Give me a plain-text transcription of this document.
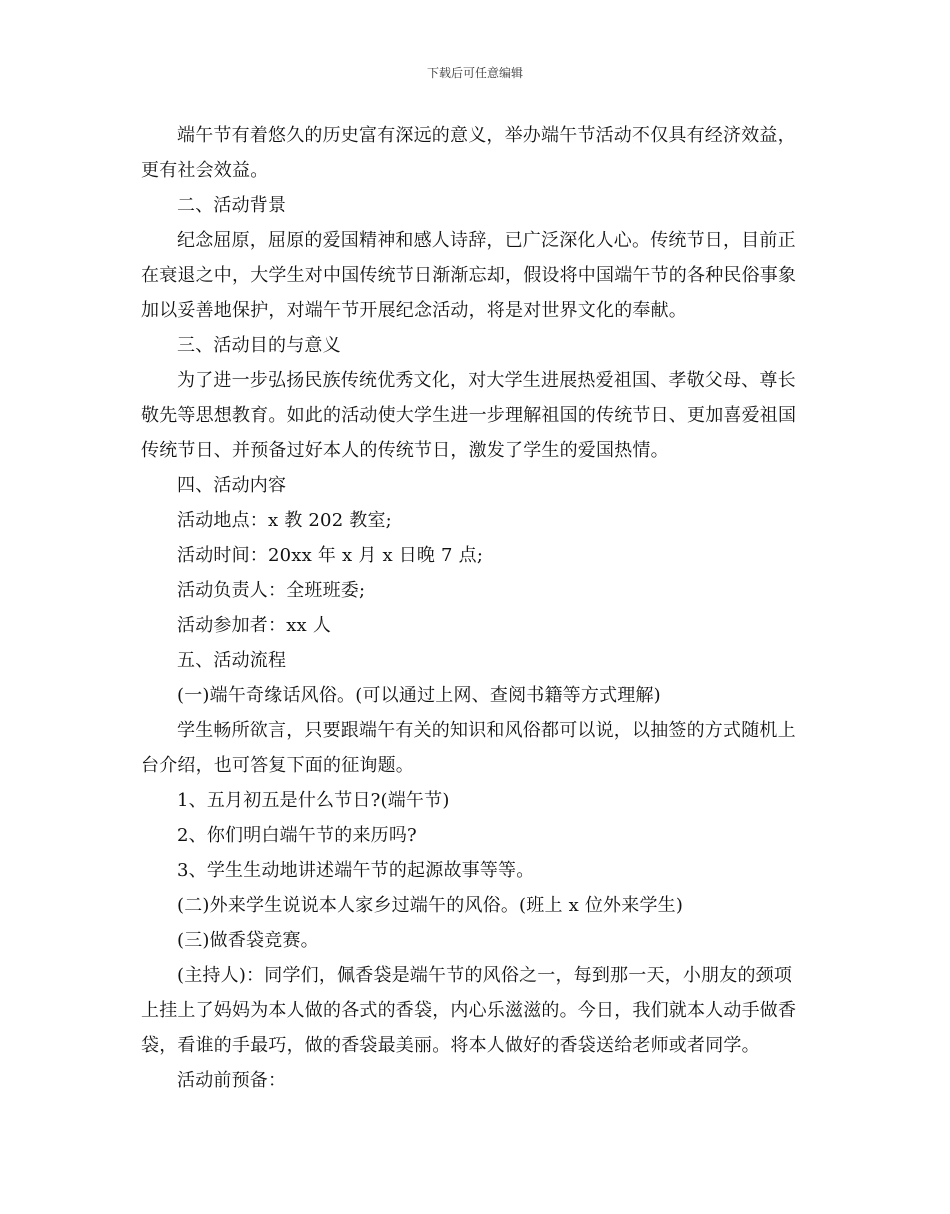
下载后可任意编辑
端午节有着悠久的历史富有深远的意义，举办端午节活动不仅具有经济效益，
更有社会效益。
二、活动背景
纪念屈原，屈原的爱国精神和感人诗辞，已广泛深化人心。传统节日，目前正
在衰退之中，大学生对中国传统节日渐渐忘却，假设将中国端午节的各种民俗事象
加以妥善地保护，对端午节开展纪念活动，将是对世界文化的奉献。
三、活动目的与意义
为了进一步弘扬民族传统优秀文化，对大学生进展热爱祖国、孝敬父母、尊长
敬先等思想教育。如此的活动使大学生进一步理解祖国的传统节日、更加喜爱祖国
传统节日、并预备过好本人的传统节日，激发了学生的爱国热情。
四、活动内容
活动地点：x 教 202 教室;
活动时间：20xx 年 x 月 x 日晚 7 点;
活动负责人：全班班委;
活动参加者：xx 人
五、活动流程
(一)端午奇缘话风俗。(可以通过上网、查阅书籍等方式理解)
学生畅所欲言，只要跟端午有关的知识和风俗都可以说，以抽签的方式随机上
台介绍，也可答复下面的征询题。
1、五月初五是什么节日?(端午节)
2、你们明白端午节的来历吗?
3、学生生动地讲述端午节的起源故事等等。
(二)外来学生说说本人家乡过端午的风俗。(班上 x 位外来学生)
(三)做香袋竞赛。
(主持人)：同学们，佩香袋是端午节的风俗之一，每到那一天，小朋友的颈项
上挂上了妈妈为本人做的各式的香袋，内心乐滋滋的。今日，我们就本人动手做香
袋，看谁的手最巧，做的香袋最美丽。将本人做好的香袋送给老师或者同学。
活动前预备：
